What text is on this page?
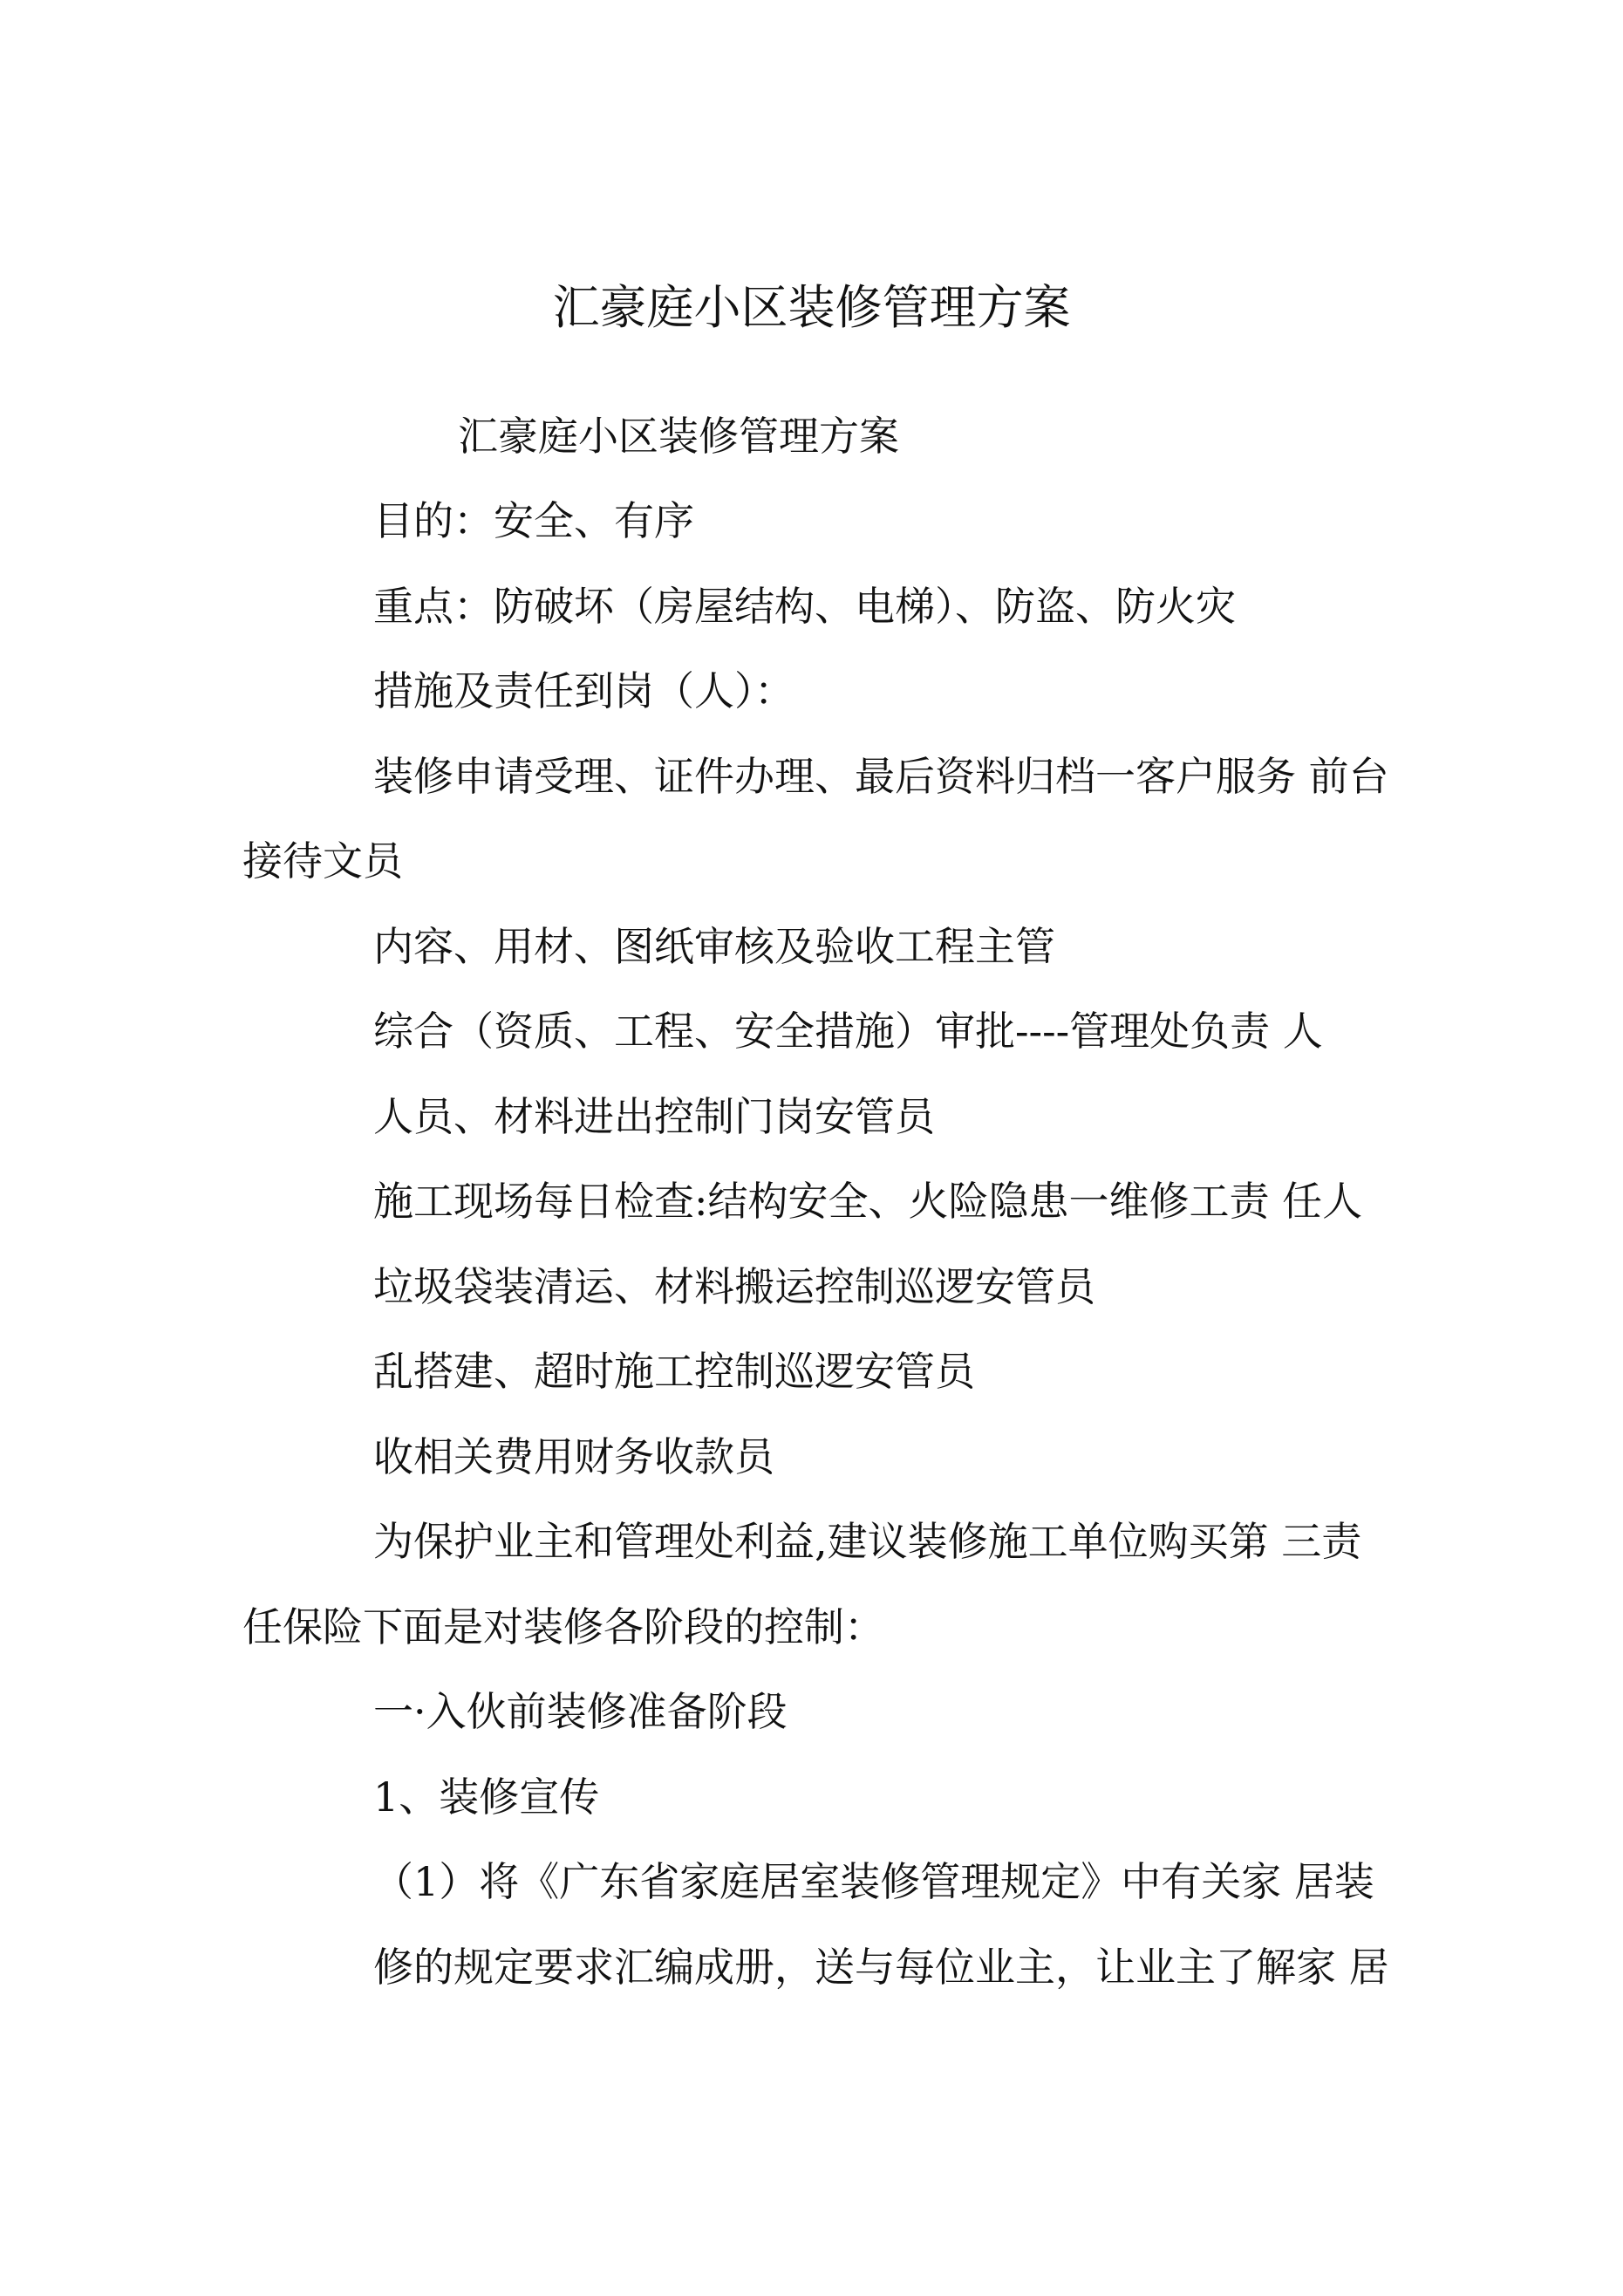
汇豪庭小区装修管理方案
汇豪庭小区装修管理方案
目的：安全、有序
重点：防破坏（房屋结构、电梯）、防盗、防火灾
措施及责任到岗（人）：
装修申请受理、证件办理、最后资料归档一客户服务 前台
接待文员
内容、用材、图纸审核及验收工程主管
综合（资质、工程、安全措施）审批----管理处负责 人
人员、材料进出控制门岗安管员
施工现场每日检查:结构安全、火险隐患一维修工责 任人
垃圾袋装清运、材料搬运控制巡逻安管员
乱搭建、超时施工控制巡逻安管员
收相关费用财务收款员
为保护业主和管理处利益,建议装修施工单位购买第 三责
任保险下面是对装修各阶段的控制：
一·入伙前装修准备阶段
1、装修宣传
（1）将《广东省家庭居室装修管理规定》中有关家 居装
修的规定要求汇编成册，送与每位业主，让业主了解家 居
